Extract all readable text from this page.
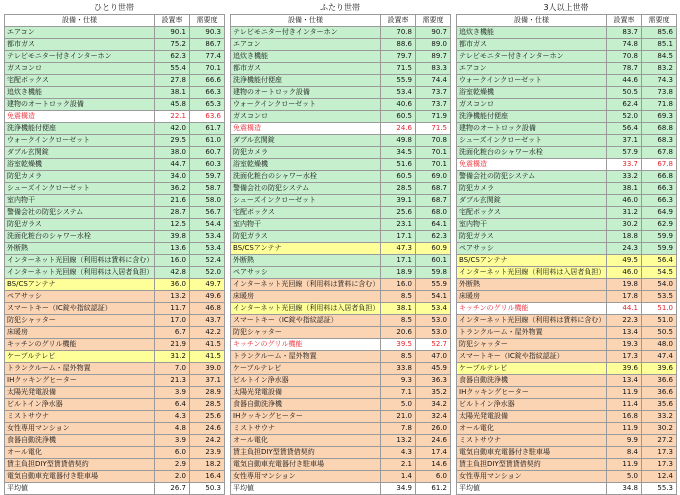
ひとり世帯
設備・仕様	設置率	需要度
エアコン	90.1	90.3
都市ガス	75.2	86.7
テレビモニター付きインターホン	62.3	77.4
ガスコンロ	55.4	70.1
宅配ボックス	27.8	66.6
追炊き機能	38.1	66.3
建物のオートロック設備	45.8	65.3
免震構造	22.1	63.6
洗浄機能付便座	42.0	61.7
ウォークインクローゼット	29.5	61.0
ダブル玄関錠	38.0	60.7
浴室乾燥機	44.7	60.3
防犯カメラ	34.0	59.7
シューズインクローゼット	36.2	58.7
室内物干	21.6	58.0
警備会社の防犯システム	28.7	56.7
防犯ガラス	12.5	54.4
洗面化粧台のシャワー水栓	39.8	53.4
外断熱	13.6	53.4
インターネット光回線（利用料は賃料に含む）	16.0	52.4
インターネット光回線（利用料は入居者負担）	42.8	52.0
BS/CSアンテナ	36.0	49.7
ペアサッシ	13.2	49.6
スマートキー（IC錠や指紋認証）	11.7	46.8
防犯シャッター	17.0	43.7
床暖房	6.7	42.2
キッチンのグリル機能	21.9	41.5
ケーブルテレビ	31.2	41.5
トランクルーム・屋外物置	7.0	39.0
IHクッキングヒーター	21.3	37.1
太陽光発電設備	3.9	28.9
ビルトイン浄水器	6.4	28.5
ミストサウナ	4.3	25.6
女性専用マンション	4.8	24.6
食器自動洗浄機	3.9	24.2
オール電化	6.0	23.9
賃主負担DIY型賃貸借契約	2.9	18.2
電気自動車充電器付き駐車場	2.0	16.4
平均値	26.7	50.3
ふたり世帯
設備・仕様	設置率	需要度
テレビモニター付きインターホン	70.8	90.7
エアコン	88.6	89.0
追炊き機能	79.7	89.7
都市ガス	71.5	83.3
洗浄機能付便座	55.9	74.4
建物のオートロック設備	53.4	73.7
ウォークインクローゼット	40.6	73.7
ガスコンロ	60.5	71.9
免震構造	24.6	71.5
ダブル玄関錠	49.8	70.8
防犯カメラ	34.5	70.1
浴室乾燥機	51.6	70.1
洗面化粧台のシャワー水栓	60.5	69.0
警備会社の防犯システム	28.5	68.7
シューズインクローゼット	39.1	68.7
宅配ボックス	25.6	68.0
室内物干	23.1	64.1
防犯ガラス	17.1	62.3
BS/CSアンテナ	47.3	60.9
外断熱	17.1	60.1
ペアサッシ	18.9	59.8
インターネット光回線（利用料は賃料に含む）	16.0	55.9
床暖房	8.5	54.1
インターネット光回線（利用料は入居者負担）	38.1	53.4
スマートキー（IC錠や指紋認証）	8.5	53.0
防犯シャッター	20.6	53.0
キッチンのグリル機能	39.5	52.7
トランクルーム・屋外物置	8.5	47.0
ケーブルテレビ	33.8	45.9
ビルトイン浄水器	9.3	36.3
太陽光発電設備	7.1	35.2
食器自動洗浄機	5.0	34.2
IHクッキングヒーター	21.0	32.4
ミストサウナ	7.8	26.0
オール電化	13.2	24.6
賃主負担DIY型賃貸借契約	4.3	17.4
電気自動車充電器付き駐車場	2.1	14.6
女性専用マンション	1.4	6.0
平均値	34.9	61.2
3人以上世帯
設備・仕様	設置率	需要度
追炊き機能	83.7	85.6
都市ガス	74.8	85.1
テレビモニター付きインターホン	70.8	84.5
エアコン	78.7	83.2
ウォークインクローゼット	44.6	74.3
浴室乾燥機	50.5	73.8
ガスコンロ	62.4	71.8
洗浄機能付便座	52.0	69.3
建物のオートロック設備	56.4	68.8
シューズインクローゼット	37.1	68.3
洗面化粧台のシャワー水栓	57.9	67.8
免震構造	33.7	67.8
警備会社の防犯システム	33.2	66.8
防犯カメラ	38.1	66.3
ダブル玄関錠	46.0	66.3
宅配ボックス	31.2	64.9
室内物干	30.2	62.9
防犯ガラス	18.8	59.9
ペアサッシ	24.3	59.9
BS/CSアンテナ	49.5	56.4
インターネット光回線（利用料は入居者負担）	46.0	54.5
外断熱	19.8	54.0
床暖房	17.8	53.5
キッチンのグリル機能	44.1	51.0
インターネット光回線（利用料は賃料に含む）	22.3	51.0
トランクルーム・屋外物置	13.4	50.5
防犯シャッター	19.3	48.0
スマートキー（IC錠や指紋認証）	17.3	47.4
ケーブルテレビ	39.6	39.6
食器自動洗浄機	13.4	36.6
IHクッキングヒーター	11.9	36.6
ビルトイン浄水器	11.4	35.6
太陽光発電設備	16.8	33.2
オール電化	11.9	30.2
ミストサウナ	9.9	27.2
電気自動車充電器付き駐車場	8.4	17.3
賃主負担DIY型賃貸借契約	11.9	17.3
女性専用マンション	5.0	12.4
平均値	34.8	55.3
